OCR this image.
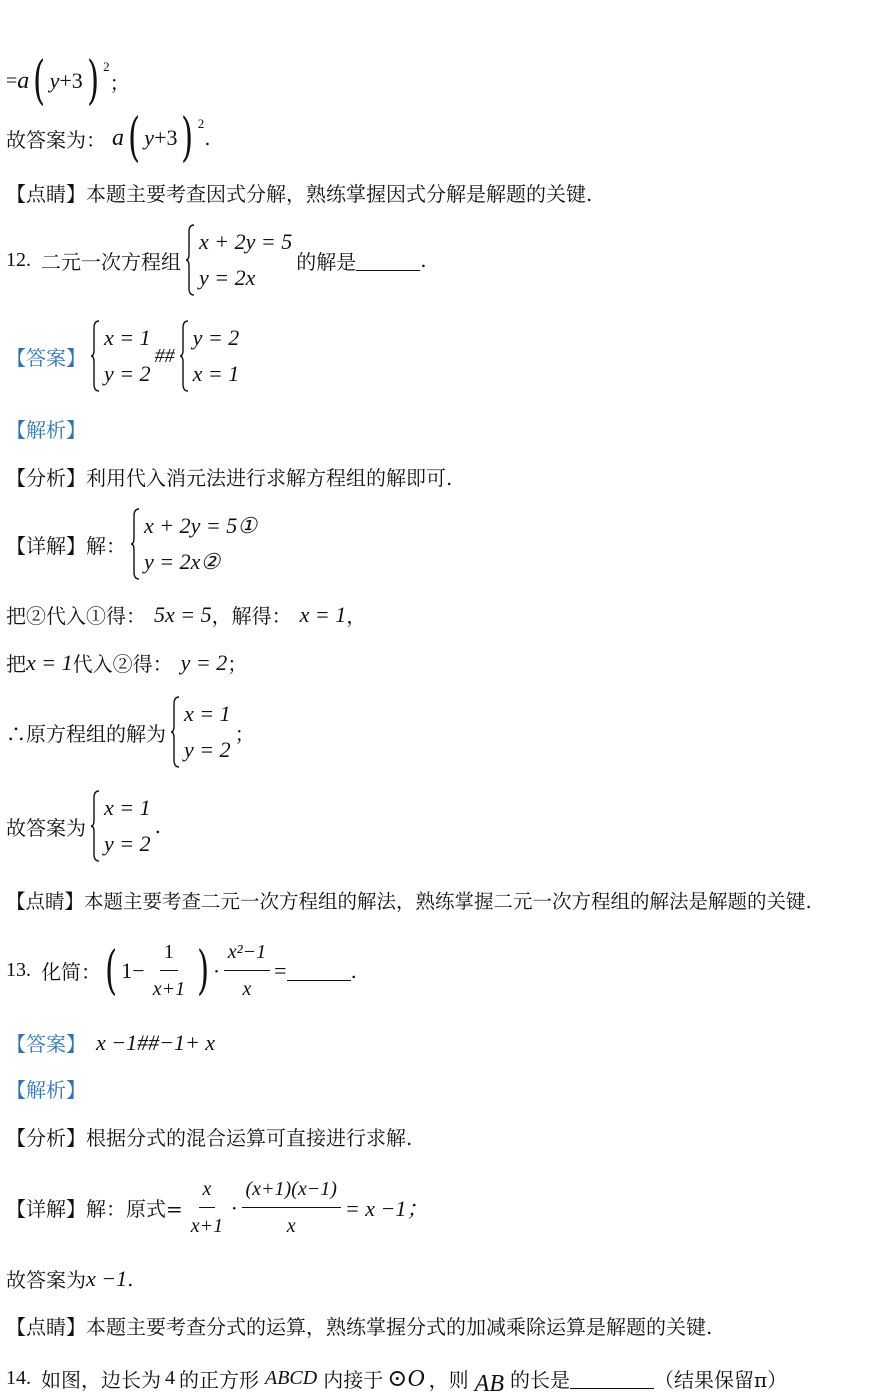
= a ( y +3 ) $^2$
；
故答案为： a ( y +3 ) $^2$
.
【点睛】本题主要考查因式分解，熟练掌握因式分解是解题的关键.
12. 二元一次方程组
x + 2y = 5
y = 2x
的解是	.
【答案】
x = 1
y = 2
##
y = 2
x = 1
【解析】
【分析】利用代入消元法进行求解方程组的解即可.
【详解】解：
x + 2y = 5①
y = 2x②
把②代入①得： 5x = 5 ，解得： x = 1 ，
把 x = 1 代入②得： y = 2 ；
∴原方程组的解为
x = 1
y = 2
；
故答案为
x = 1
y = 2
.
【点睛】本题主要考查二元一次方程组的解法，熟练掌握二元一次方程组的解法是解题的关键.
13. 化简： ( $1- \frac{1}{x+1}$ ) · $\frac{\text{x²−1}}{x}$ =	.
【答案】 x −1##−1+ x
【解析】
【分析】根据分式的混合运算可直接进行求解.
【详解】解：原式= $\frac{x}{x+1} \cdot \frac{(x+1)(x-1)}{x} = x -1$；
故答案为 x −1 .
【点睛】本题主要考查分式的运算，熟练掌握分式的加减乘除运算是解题的关键.
14. 如图，边长为 4 的正方形 ABCD 内接于 ⊙O ，则 AB 的长是	（结果保留π）
